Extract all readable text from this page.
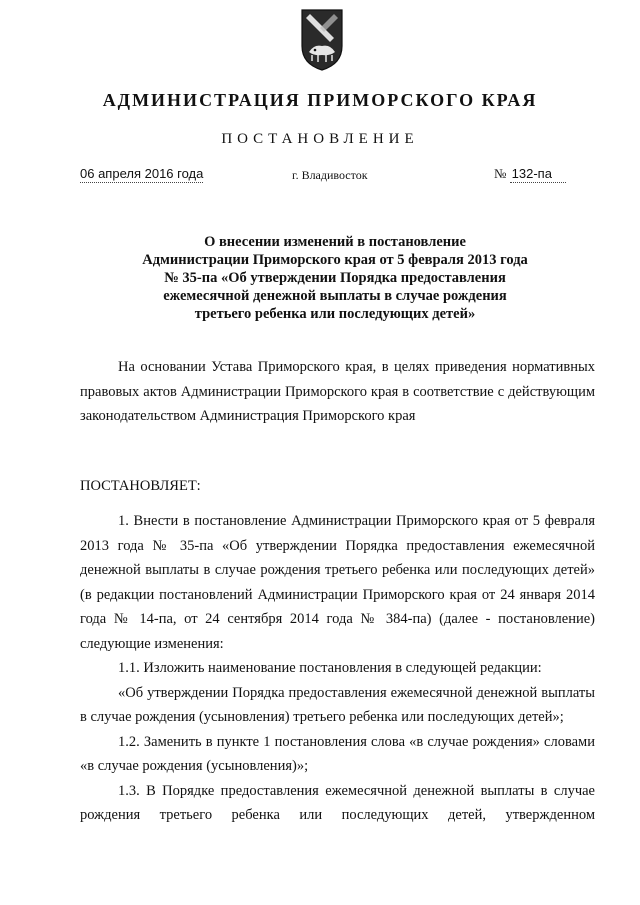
АДМИНИСТРАЦИЯ ПРИМОРСКОГО КРАЯ
ПОСТАНОВЛЕНИЕ
06 апреля 2016 года	г. Владивосток	№ 132-па
О внесении изменений в постановление
Администрации Приморского края от 5 февраля 2013 года
№ 35-па «Об утверждении Порядка предоставления
ежемесячной денежной выплаты в случае рождения
третьего ребенка или последующих детей»
На основании Устава Приморского края, в целях приведения нормативных правовых актов Администрации Приморского края в соответствие с действующим законодательством Администрация Приморского края
ПОСТАНОВЛЯЕТ:

1. Внести в постановление Администрации Приморского края от 5 февраля 2013 года № 35-па «Об утверждении Порядка предоставления ежемесячной денежной выплаты в случае рождения третьего ребенка или последующих детей» (в редакции постановлений Администрации Приморского края от 24 января 2014 года № 14-па, от 24 сентября 2014 года № 384-па) (далее - постановление) следующие изменения:

1.1. Изложить наименование постановления в следующей редакции:

«Об утверждении Порядка предоставления ежемесячной денежной выплаты в случае рождения (усыновления) третьего ребенка или последующих детей»;

1.2. Заменить в пункте 1 постановления слова «в случае рождения» словами «в случае рождения (усыновления)»;

1.3. В Порядке предоставления ежемесячной денежной выплаты в случае

рождения третьего ребенка или последующих детей, утвержденном
